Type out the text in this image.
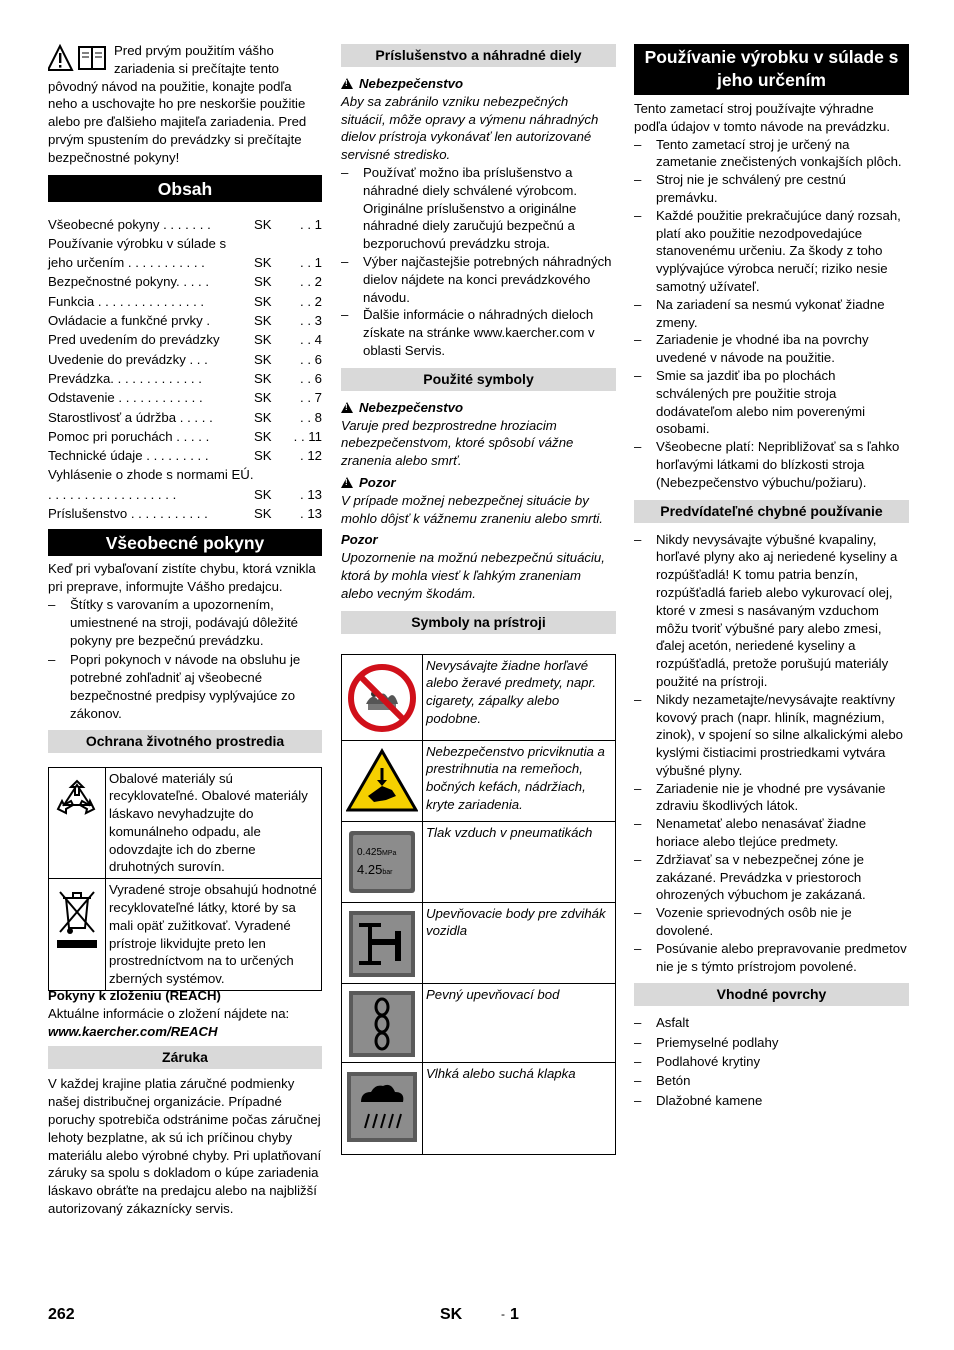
Pred prvým použitím vášho zariadenia si prečítajte tento pôvodný návod na použitie, konajte podľa neho a uschovajte ho pre neskoršie použitie alebo pre ďalšieho majiteľa zariadenia. Pred prvým spustením do prevádzky si prečítajte bezpečnostné pokyny!

Obsah
Všeobecné pokyny . . . . . . .	SK	. . 1
Používanie výrobku v súlade s jeho určením . . . . . . . . . . .	SK	. . 1
Bezpečnostné pokyny. . . . .	SK	. . 2
Funkcia . . . . . . . . . . . . . . .	SK	. . 2
Ovládacie a funkčné prvky .	SK	. . 3
Pred uvedením do prevádzky	SK	. . 4
Uvedenie do prevádzky . . .	SK	. . 6
Prevádzka. . . . . . . . . . . . .	SK	. . 6
Odstavenie . . . . . . . . . . . .	SK	. . 7
Starostlivosť a údržba . . . . .	SK	. . 8
Pomoc pri poruchách . . . . .	SK	. . 11
Technické údaje . . . . . . . . .	SK	. 12
Vyhlásenie o zhode s normami EÚ. . . . . . . . . . . . . . . . . . .	SK	. 13
Príslušenstvo . . . . . . . . . . .	SK	. 13
Všeobecné pokyny

Keď pri vybaľovaní zistíte chybu, ktorá vznikla pri preprave, informujte Vášho predajcu.

– Štítky s varovaním a upozornením, umiestnené na stroji, podávajú dôležité pokyny pre bezpečnú prevádzku.
– Popri pokynoch v návode na obsluhu je potrebné zohľadniť aj všeobecné bezpečnostné predpisy vyplývajúce zo zákonov.
Ochrana životného prostredia
	Obalové materiály sú recyklovateľné. Obalové materiály láskavo nevyhadzujte do komunálneho odpadu, ale odovzdajte ich do zberne druhotných surovín.
	Vyradené stroje obsahujú hodnotné recyklovateľné látky, ktoré by sa mali opäť zužitkovať. Vyradené prístroje likvidujte preto len prostredníctvom na to určených zberných systémov.

Pokyny k zloženiu (REACH)

Aktuálne informácie o zložení nájdete na:

www.kaercher.com/REACH

Záruka

V každej krajine platia záručné podmienky našej distribučnej organizácie. Prípadné poruchy spotrebiča odstránime počas záručnej lehoty bezplatne, ak sú ich príčinou chyby materiálu alebo výrobné chyby. Pri uplatňovaní záruky sa spolu s dokladom o kúpe zariadenia láskavo obráťte na predajcu alebo na najbližší autorizovaný zákaznícky servis.

Príslušenstvo a náhradné diely
!
Nebezpečenstvo

Aby sa zabránilo vzniku nebezpečných situácií, môže opravy a výmenu náhradných dielov prístroja vykonávať len autorizované servisné stredisko.

– Používať možno iba príslušenstvo a náhradné diely schválené výrobcom. Originálne príslušenstvo a originálne náhradné diely zaručujú bezpečnú a bezporuchovú prevádzku stroja.
– Výber najčastejšie potrebných náhradných dielov nájdete na konci prevádzkového návodu.
– Ďalšie informácie o náhradných dieloch získate na stránke www.kaercher.com v oblasti Servis.
Použité symboly
!
Nebezpečenstvo

Varuje pred bezprostredne hroziacim nebezpečenstvom, ktoré spôsobí vážne zranenia alebo smrť.

!
Pozor

V prípade možnej nebezpečnej situácie by mohlo dôjsť k vážnemu zraneniu alebo smrti.

Pozor

Upozornenie na možnú nebezpečnú situáciu, ktorá by mohla viesť k ľahkým zraneniam alebo vecným škodám.

Symboly na prístroji
	Nevysávajte žiadne horľavé alebo žeravé predmety, napr. cigarety, zápalky alebo podobne.
	Nebezpečenstvo pricviknutia a prestrihnutia na remeňoch, bočných kefách, nádržiach, kryte zariadenia.

0.425MPa
4.25bar	Tlak vzduch v pneumatikách
	Upevňovacie body pre zdvihák vozidla
	Pevný upevňovací bod
	Vlhká alebo suchá klapka
Používanie výrobku v súlade s jeho určením

Tento zametací stroj používajte výhradne podľa údajov v tomto návode na prevádzku.

– Tento zametací stroj je určený na zametanie znečistených vonkajších plôch.
– Stroj nie je schválený pre cestnú premávku.
– Každé použitie prekračujúce daný rozsah, platí ako použitie nezodpovedajúce stanovenému určeniu. Za škody z toho vyplývajúce výrobca neručí; riziko nesie samotný užívateľ.
– Na zariadení sa nesmú vykonať žiadne zmeny.
– Zariadenie je vhodné iba na povrchy uvedené v návode na použitie.
– Smie sa jazdiť iba po plochách schválených pre použitie stroja dodávateľom alebo nim poverenými osobami.
– Všeobecne platí: Nepribližovať sa s ľahko horľavými látkami do blízkosti stroja (Nebezpečenstvo výbuchu/požiaru).
Predvídateľné chybné používanie
– Nikdy nevysávajte výbušné kvapaliny, horľavé plyny ako aj neriedené kyseliny a rozpúšťadlá! K tomu patria benzín, rozpúšťadlá farieb alebo vykurovací olej, ktoré v zmesi s nasávaným vzduchom môžu tvoriť výbušné pary alebo zmesi, ďalej acetón, neriedené kyseliny a rozpúšťadlá, pretože porušujú materiály použité na prístroji.
– Nikdy nezametajte/nevysávajte reaktívny kovový prach (napr. hliník, magnézium, zinok), v spojení so silne alkalickými alebo kyslými čistiacimi prostriedkami vytvára výbušné plyny.
– Zariadenie nie je vhodné pre vysávanie zdraviu škodlivých látok.
– Nenametať alebo nenasávať žiadne horiace alebo tlejúce predmety.
– Zdržiavať sa v nebezpečnej zóne je zakázané. Prevádzka v priestoroch ohrozených výbuchom je zakázaná.
– Vozenie sprievodných osôb nie je dovolené.
– Posúvanie alebo prepravovanie predmetov nie je s týmto prístrojom povolené.
Vhodné povrchy
– Asfalt
– Priemyselné podlahy
– Podlahové krytiny
– Betón
– Dlažobné kamene
262	SK	- 1
